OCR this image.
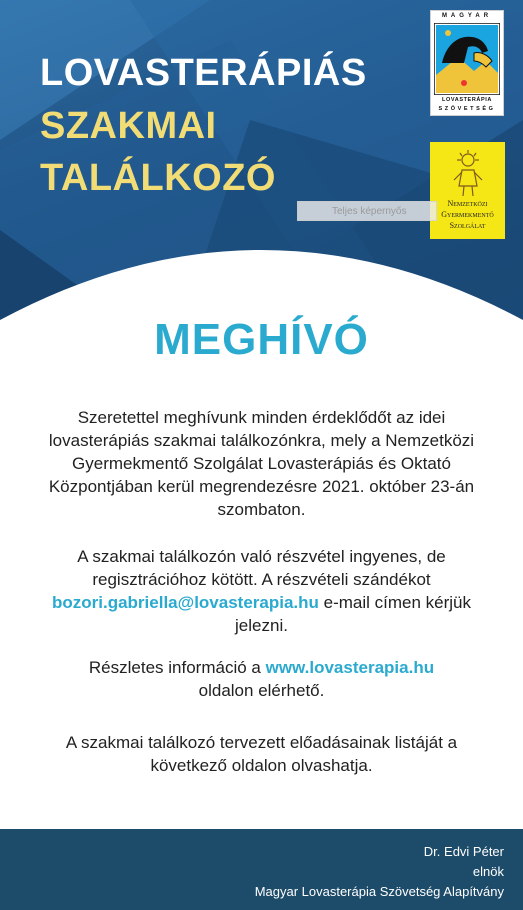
LOVASTERÁPIÁS
SZAKMAI
TALÁLKOZÓ
MAGYAR
LOVASTERÁPIA
SZÖVETSÉG
Nemzetközi
Gyermekmentő
Szolgálat
Teljes képernyős
MEGHÍVÓ
Szeretettel meghívunk minden érdeklődőt az idei lovasterápiás szakmai találkozónkra, mely a Nemzetközi Gyermekmentő Szolgálat Lovasterápiás és Oktató Központjában kerül megrendezésre 2021. október 23-án szombaton.
A szakmai találkozón való részvétel ingyenes, de regisztrációhoz kötött. A részvételi szándékot bozori.gabriella@lovasterapia.hu e-mail címen kérjük jelezni.
Részletes információ a www.lovasterapia.hu
oldalon elérhető.
A szakmai találkozó tervezett előadásainak listáját a következő oldalon olvashatja.
Dr. Edvi Péter
elnök
Magyar Lovasterápia Szövetség Alapítvány
